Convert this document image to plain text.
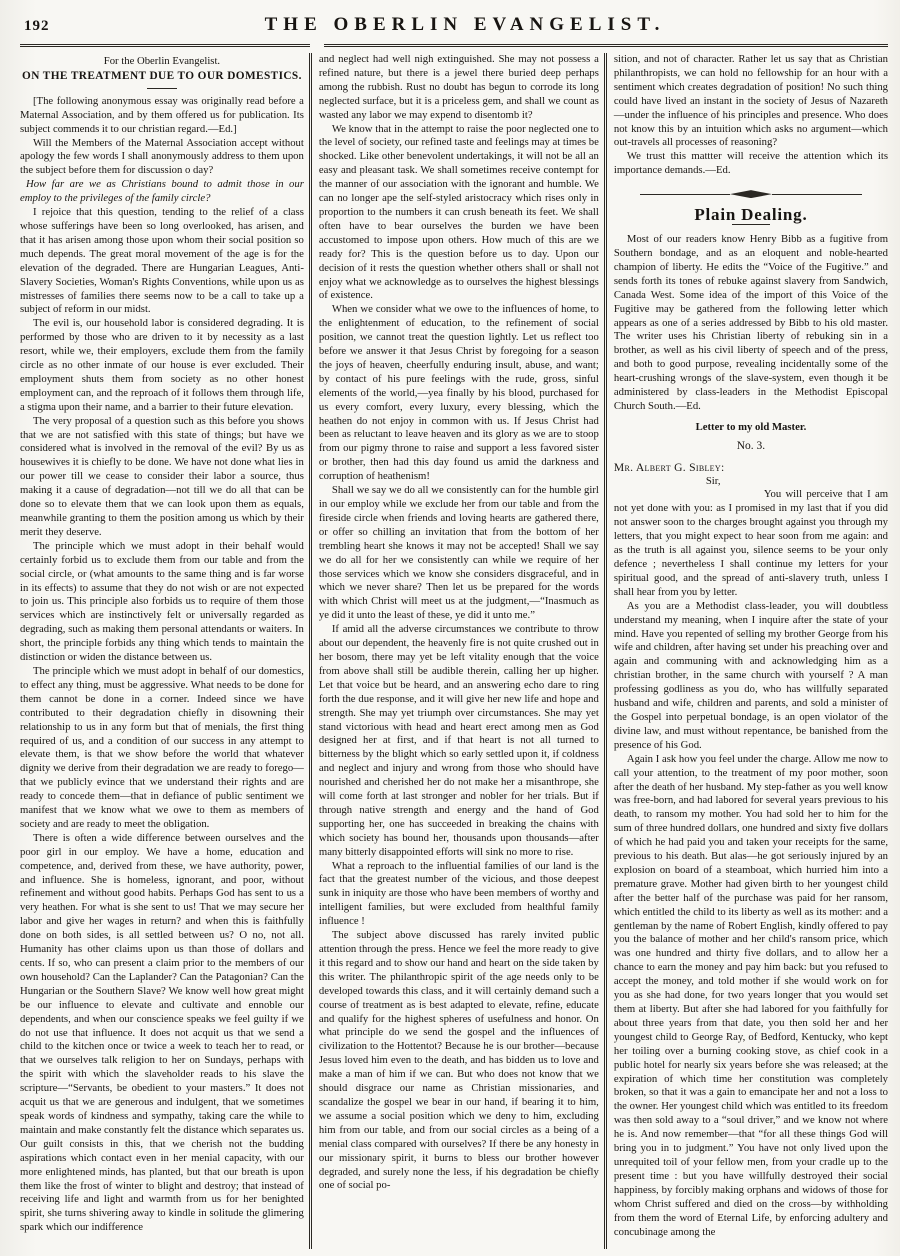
192	THE OBERLIN EVANGELIST.

For the Oberlin Evangelist.

ON THE TREATMENT DUE TO OUR DOMESTICS.

[The following anonymous essay was originally read before a Maternal Association, and by them offered us for publication. Its subject commends it to our christian regard.—Ed.]

Will the Members of the Maternal Association accept without apology the few words I shall anonymously address to them upon the subject before them for discussion o day?

How far are we as Christians bound to admit those in our employ to the privileges of the family circle?

I rejoice that this question, tending to the relief of a class whose sufferings have been so long overlooked, has arisen, and that it has arisen among those upon whom their social position so much depends. The great moral movement of the age is for the elevation of the degraded. There are Hungarian Leagues, Anti-Slavery Societies, Woman's Rights Conventions, while upon us as mistresses of families there seems now to be a call to take up a subject of reform in our midst.

The evil is, our household labor is considered degrading. It is performed by those who are driven to it by necessity as a last resort, while we, their employers, exclude them from the family circle as no other inmate of our house is ever excluded. Their employment shuts them from society as no other honest employment can, and the reproach of it follows them through life, a stigma upon their name, and a barrier to their future elevation.

The very proposal of a question such as this before you shows that we are not satisfied with this state of things; but have we considered what is involved in the removal of the evil? By us as housewives it is chiefly to be done. We have not done what lies in our power till we cease to consider their labor a source, thus making it a cause of degradation—not till we do all that can be done so to elevate them that we can look upon them as equals, meanwhile granting to them the position among us which by their merit they deserve.

The principle which we must adopt in their behalf would certainly forbid us to exclude them from our table and from the social circle, or (what amounts to the same thing and is far worse in its effects) to assume that they do not wish or are not expected to join us. This principle also forbids us to require of them those services which are instinctively felt or universally regarded as degrading, such as making them personal attendants or waiters. In short, the principle forbids any thing which tends to maintain the distinction or widen the distance between us.

The principle which we must adopt in behalf of our domestics, to effect any thing, must be aggressive. What needs to be done for them cannot be done in a corner. Indeed since we have contributed to their degradation chiefly in disowning their relationship to us in any form but that of menials, the first thing required of us, and a condition of our success in any attempt to elevate them, is that we show before the world that whatever dignity we derive from their degradation we are ready to forego—that we publicly evince that we understand their rights and are ready to concede them—that in defiance of public sentiment we manifest that we know what we owe to them as members of society and are ready to meet the obligation.

There is often a wide difference between ourselves and the poor girl in our employ. We have a home, education and competence, and, derived from these, we have authority, power, and influence. She is homeless, ignorant, and poor, without refinement and without good habits. Perhaps God has sent to us a very heathen. For what is she sent to us! That we may secure her labor and give her wages in return? and when this is faithfully done on both sides, is all settled between us? O no, not all. Humanity has other claims upon us than those of dollars and cents. If so, who can present a claim prior to the members of our own household? Can the Laplander? Can the Patagonian? Can the Hungarian or the Southern Slave? We know well how great might be our influence to elevate and cultivate and ennoble our dependents, and when our conscience speaks we feel guilty if we do not use that influence. It does not acquit us that we send a child to the kitchen once or twice a week to teach her to read, or that we ourselves talk religion to her on Sundays, perhaps with the spirit with which the slaveholder reads to his slave the scripture—“Servants, be obedient to your masters.” It does not acquit us that we are generous and indulgent, that we sometimes speak words of kindness and sympathy, taking care the while to maintain and make constantly felt the distance which separates us. Our guilt consists in this, that we cherish not the budding aspirations which contact even in her menial capacity, with our more enlightened minds, has planted, but that our breath is upon them like the frost of winter to blight and destroy; that instead of receiving life and light and warmth from us for her benighted spirit, she turns shivering away to kindle in solitude the glimering spark which our indifference

and neglect had well nigh extinguished. She may not possess a refined nature, but there is a jewel there buried deep perhaps among the rubbish. Rust no doubt has begun to corrode its long neglected surface, but it is a priceless gem, and shall we count as wasted any labor we may expend to disentomb it?

We know that in the attempt to raise the poor neglected one to the level of society, our refined taste and feelings may at times be shocked. Like other benevolent undertakings, it will not be all an easy and pleasant task. We shall sometimes receive contempt for the manner of our association with the ignorant and humble. We can no longer ape the self-styled aristocracy which rises only in proportion to the numbers it can crush beneath its feet. We shall often have to bear ourselves the burden we have been accustomed to impose upon others. How much of this are we ready for? This is the question before us to day. Upon our decision of it rests the question whether others shall or shall not enjoy what we acknowledge as to ourselves the highest blessings of existence.

When we consider what we owe to the influences of home, to the enlightenment of education, to the refinement of social position, we cannot treat the question lightly. Let us reflect too before we answer it that Jesus Christ by foregoing for a season the joys of heaven, cheerfully enduring insult, abuse, and want; by contact of his pure feelings with the rude, gross, sinful elements of the world,—yea finally by his blood, purchased for us every comfort, every luxury, every blessing, which the heathen do not enjoy in common with us. If Jesus Christ had been as reluctant to leave heaven and its glory as we are to stoop from our pigmy throne to raise and support a less favored sister or brother, then had this day found us amid the darkness and corruption of heathenism!

Shall we say we do all we consistently can for the humble girl in our employ while we exclude her from our table and from the fireside circle when friends and loving hearts are gathered there, or offer so chilling an invitation that from the bottom of her trembling heart she knows it may not be accepted! Shall we say we do all for her we consistently can while we require of her those services which we know she considers disgraceful, and in which we never share? Then let us be prepared for the words with which Christ will meet us at the judgment,—“Inasmuch as ye did it unto the least of these, ye did it unto me.”

If amid all the adverse circumstances we contribute to throw about our dependent, the heavenly fire is not quite crushed out in her bosom, there may yet be left vitality enough that the voice from above shall still be audible therein, calling her up higher. Let that voice but be heard, and an answering echo dare to ring forth the due response, and it will give her new life and hope and strength. She may yet triumph over circumstances. She may yet stand victorious with head and heart erect among men as God designed her at first, and if that heart is not all turned to bitterness by the blight which so early settled upon it, if coldness and neglect and injury and wrong from those who should have nourished and cherished her do not make her a misanthrope, she will come forth at last stronger and nobler for her trials. But if through native strength and energy and the hand of God supporting her, one has succeeded in breaking the chains with which society has bound her, thousands upon thousands—after many bitterly disappointed efforts will sink no more to rise.

What a reproach to the influential families of our land is the fact that the greatest number of the vicious, and those deepest sunk in iniquity are those who have been members of worthy and intelligent families, but were excluded from healthful family influence !

The subject above discussed has rarely invited public attention through the press. Hence we feel the more ready to give it this regard and to show our hand and heart on the side taken by this writer. The philanthropic spirit of the age needs only to be developed towards this class, and it will certainly demand such a course of treatment as is best adapted to elevate, refine, educate and qualify for the highest spheres of usefulness and honor. On what principle do we send the gospel and the influences of civilization to the Hottentot? Because he is our brother—because Jesus loved him even to the death, and has bidden us to love and make a man of him if we can. But who does not know that we should disgrace our name as Christian missionaries, and scandalize the gospel we bear in our hand, if bearing it to him, we assume a social position which we deny to him, excluding him from our table, and from our social circles as a being of a menial class compared with ourselves? If there be any honesty in our missionary spirit, it burns to bless our brother however degraded, and surely none the less, if his degradation be chiefly one of social po-

sition, and not of character. Rather let us say that as Christian philanthropists, we can hold no fellowship for an hour with a sentiment which creates degradation of position! No such thing could have lived an instant in the society of Jesus of Nazareth—under the influence of his principles and presence. Who does not know this by an intuition which asks no argument—which out-travels all processes of reasoning?

We trust this mattter will receive the attention which its importance demands.—Ed.

Plain Dealing.

Most of our readers know Henry Bibb as a fugitive from Southern bondage, and as an eloquent and noble-hearted champion of liberty. He edits the “Voice of the Fugitive.” and sends forth its tones of rebuke against slavery from Sandwich, Canada West. Some idea of the import of this Voice of the Fugitive may be gathered from the following letter which appears as one of a series addressed by Bibb to his old master. The writer uses his Christian liberty of rebuking sin in a brother, as well as his civil liberty of speech and of the press, and both to good purpose, revealing incidentally some of the heart-crushing wrongs of the slave-system, even though it be administered by class-leaders in the Methodist Episcopal Church South.—Ed.

Letter to my old Master.

No. 3.

Mr. Albert G. Sibley:

Sir,

You will perceive that I am not yet done with you: as I promised in my last that if you did not answer soon to the charges brought against you through my letters, that you might expect to hear soon from me again: and as the truth is all against you, silence seems to be your only defence ; nevertheless I shall continue my letters for your spiritual good, and the spread of anti-slavery truth, unless I shall hear from you by letter.

As you are a Methodist class-leader, you will doubtless understand my meaning, when I inquire after the state of your mind. Have you repented of selling my brother George from his wife and children, after having set under his preaching over and again and communing with and acknowledging him as a christian brother, in the same church with yourself ? A man professing godliness as you do, who has willfully separated husband and wife, children and parents, and sold a minister of the Gospel into perpetual bondage, is an open violator of the divine law, and must without repentance, be banished from the presence of his God.

Again I ask how you feel under the charge. Allow me now to call your attention, to the treatment of my poor mother, soon after the death of her husband. My step-father as you well know was free-born, and had labored for several years previous to his death, to ransom my mother. You had sold her to him for the sum of three hundred dollars, one hundred and sixty five dollars of which he had paid you and taken your receipts for the same, previous to his death. But alas—he got seriously injured by an explosion on board of a steamboat, which hurried him into a premature grave. Mother had given birth to her youngest child after the better half of the purchase was paid for her ransom, which entitled the child to its liberty as well as its mother: and a gentleman by the name of Robert English, kindly offered to pay you the balance of mother and her child's ransom price, which was one hundred and thirty five dollars, and to allow her a chance to earn the money and pay him back: but you refused to accept the money, and told mother if she would work on for you as she had done, for two years longer that you would set them at liberty. But after she had labored for you faithfully for about three years from that date, you then sold her and her youngest child to George Ray, of Bedford, Kentucky, who kept her toiling over a burning cooking stove, as chief cook in a public hotel for nearly six years before she was released; at the expiration of which time her constitution was completely broken, so that it was a gain to emancipate her and not a loss to the owner. Her youngest child which was entitled to its freedom was then sold away to a “soul driver,” and we know not where he is. And now remember—that “for all these things God will bring you in to judgment.” You have not only lived upon the unrequited toil of your fellow men, from your cradle up to the present time : but you have willfully destroyed their social happiness, by forcibly making orphans and widows of those for whom Christ suffered and died on the cross—by withholding from them the word of Eternal Life, by enforcing adultery and concubinage among the
